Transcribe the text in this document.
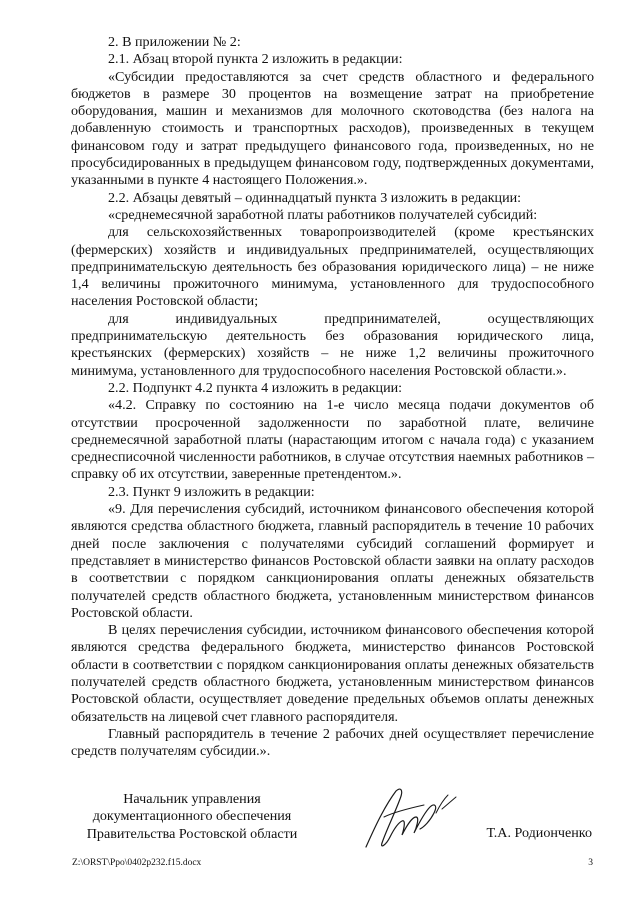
2. В приложении № 2:

2.1. Абзац второй пункта 2 изложить в редакции:

«Субсидии предоставляются за счет средств областного и федерального бюджетов в размере 30 процентов на возмещение затрат на приобретение оборудования, машин и механизмов для молочного скотоводства (без налога на добавленную стоимость и транспортных расходов), произведенных в текущем финансовом году и затрат предыдущего финансового года, произведенных, но не просубсидированных в предыдущем финансовом году, подтвержденных документами, указанными в пункте 4 настоящего Положения.».

2.2. Абзацы девятый – одиннадцатый пункта 3 изложить в редакции:

«среднемесячной заработной платы работников получателей субсидий:

для сельскохозяйственных товаропроизводителей (кроме крестьянских (фермерских) хозяйств и индивидуальных предпринимателей, осуществляющих предпринимательскую деятельность без образования юридического лица) – не ниже 1,4 величины прожиточного минимума, установленного для трудоспособного населения Ростовской области;

для индивидуальных предпринимателей, осуществляющих предпринимательскую деятельность без образования юридического лица, крестьянских (фермерских) хозяйств – не ниже 1,2 величины прожиточного минимума, установленного для трудоспособного населения Ростовской области.».

2.2. Подпункт 4.2 пункта 4 изложить в редакции:

«4.2. Справку по состоянию на 1-е число месяца подачи документов об отсутствии просроченной задолженности по заработной плате, величине среднемесячной заработной платы (нарастающим итогом с начала года) с указанием среднесписочной численности работников, в случае отсутствия наемных работников – справку об их отсутствии, заверенные претендентом.».

2.3. Пункт 9 изложить в редакции:

«9. Для перечисления субсидий, источником финансового обеспечения которой являются средства областного бюджета, главный распорядитель в течение 10 рабочих дней после заключения с получателями субсидий соглашений формирует и представляет в министерство финансов Ростовской области заявки на оплату расходов в соответствии с порядком санкционирования оплаты денежных обязательств получателей средств областного бюджета, установленным министерством финансов Ростовской области.

В целях перечисления субсидии, источником финансового обеспечения которой являются средства федерального бюджета, министерство финансов Ростовской области в соответствии с порядком санкционирования оплаты денежных обязательств получателей средств областного бюджета, установленным министерством финансов Ростовской области, осуществляет доведение предельных объемов оплаты денежных обязательств на лицевой счет главного распорядителя.

Главный распорядитель в течение 2 рабочих дней осуществляет перечисление средств получателям субсидии.».

Начальник управления
документационного обеспечения
Правительства Ростовской области	Т.А. Родионченко
Z:\ORST\Ppo\0402p232.f15.docx	3
